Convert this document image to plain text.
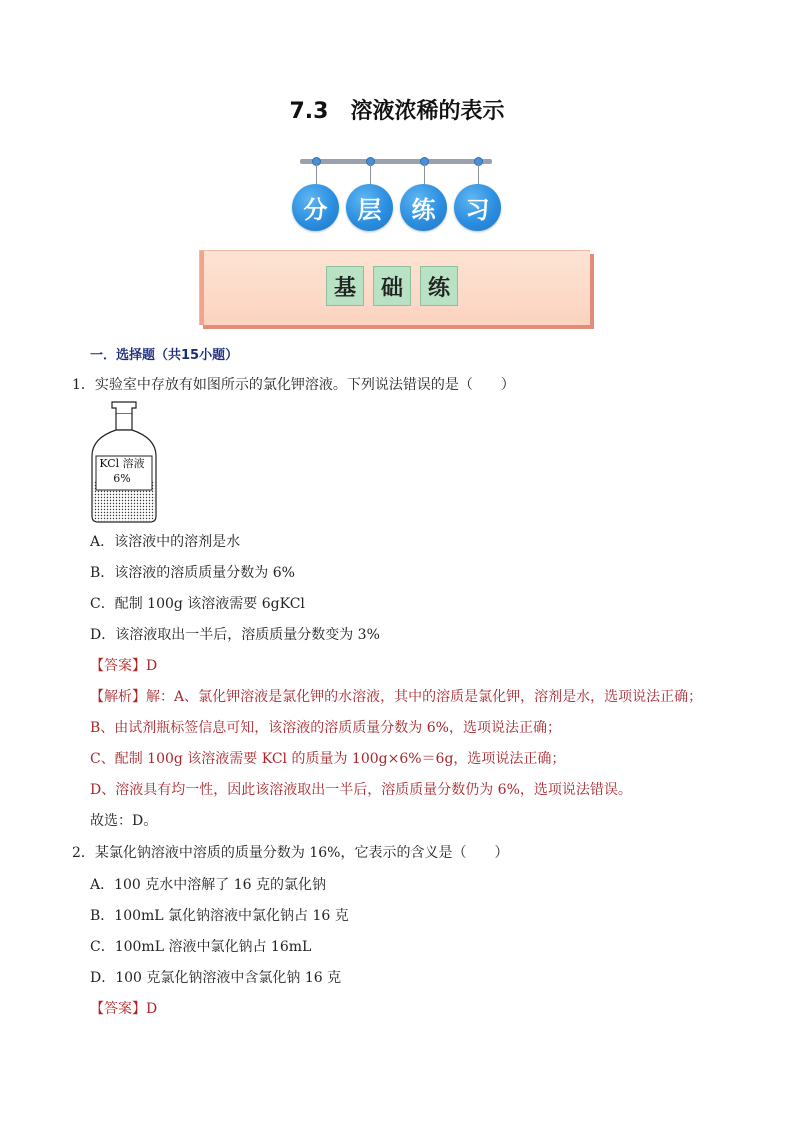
7.3　溶液浓稀的表示
分	层	练	习
基	础	练
一．选择题（共15小题）
1．实验室中存放有如图所示的氯化钾溶液。下列说法错误的是（　　）
KCl 溶液
6%
A．该溶液中的溶剂是水
B．该溶液的溶质质量分数为 6%
C．配制 100g 该溶液需要 6gKCl
D．该溶液取出一半后，溶质质量分数变为 3%
【答案】D
【解析】解：A、氯化钾溶液是氯化钾的水溶液，其中的溶质是氯化钾，溶剂是水，选项说法正确；
B、由试剂瓶标签信息可知，该溶液的溶质质量分数为 6%，选项说法正确；
C、配制 100g 该溶液需要 KCl 的质量为 100g×6%＝6g，选项说法正确；
D、溶液具有均一性，因此该溶液取出一半后，溶质质量分数仍为 6%，选项说法错误。
故选：D。
2．某氯化钠溶液中溶质的质量分数为 16%，它表示的含义是（　　）
A．100 克水中溶解了 16 克的氯化钠
B．100mL 氯化钠溶液中氯化钠占 16 克
C．100mL 溶液中氯化钠占 16mL
D．100 克氯化钠溶液中含氯化钠 16 克
【答案】D
